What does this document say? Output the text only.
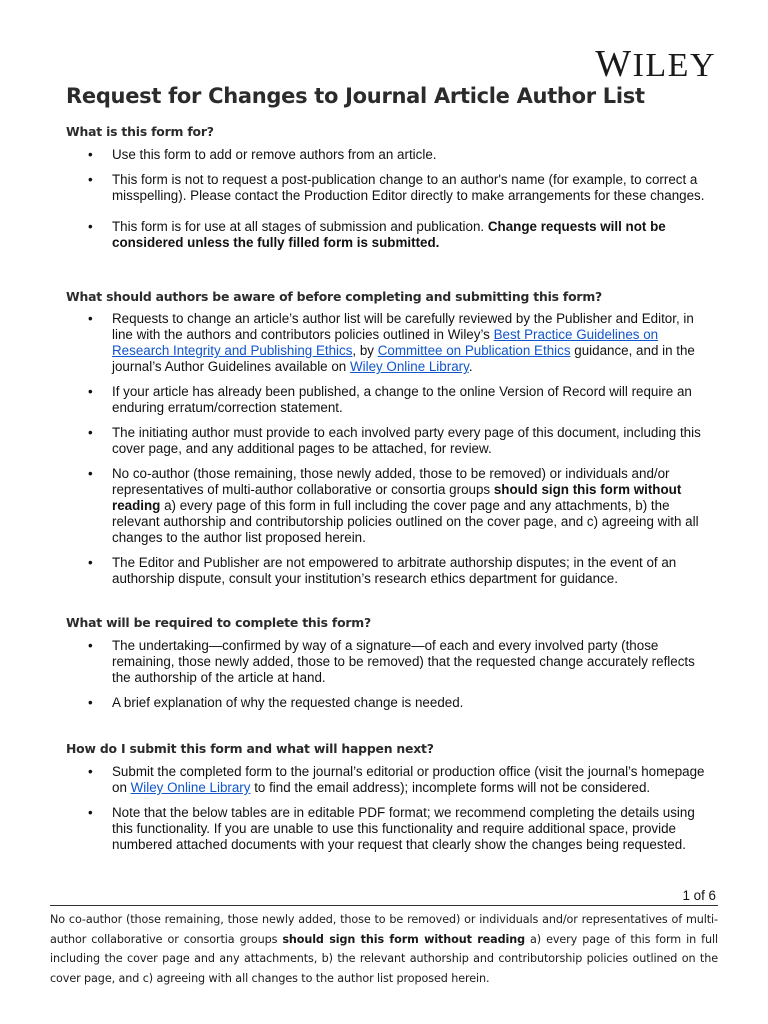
WILEY
Request for Changes to Journal Article Author List
What is this form for?
• Use this form to add or remove authors from an article.
• This form is not to request a post-publication change to an author's name (for example, to correct a misspelling). Please contact the Production Editor directly to make arrangements for these changes.
• This form is for use at all stages of submission and publication. Change requests will not be considered unless the fully filled form is submitted.
What should authors be aware of before completing and submitting this form?
• Requests to change an article’s author list will be carefully reviewed by the Publisher and Editor, in line with the authors and contributors policies outlined in Wiley’s Best Practice Guidelines on Research Integrity and Publishing Ethics, by Committee on Publication Ethics guidance, and in the journal’s Author Guidelines available on Wiley Online Library.
• If your article has already been published, a change to the online Version of Record will require an enduring erratum/correction statement.
• The initiating author must provide to each involved party every page of this document, including this cover page, and any additional pages to be attached, for review.
• No co-author (those remaining, those newly added, those to be removed) or individuals and/or representatives of multi-author collaborative or consortia groups should sign this form without reading a) every page of this form in full including the cover page and any attachments, b) the relevant authorship and contributorship policies outlined on the cover page, and c) agreeing with all changes to the author list proposed herein.
• The Editor and Publisher are not empowered to arbitrate authorship disputes; in the event of an authorship dispute, consult your institution’s research ethics department for guidance.
What will be required to complete this form?
• The undertaking—confirmed by way of a signature—of each and every involved party (those remaining, those newly added, those to be removed) that the requested change accurately reflects the authorship of the article at hand.
• A brief explanation of why the requested change is needed.
How do I submit this form and what will happen next?
• Submit the completed form to the journal’s editorial or production office (visit the journal’s homepage on Wiley Online Library to find the email address); incomplete forms will not be considered.
• Note that the below tables are in editable PDF format; we recommend completing the details using this functionality. If you are unable to use this functionality and require additional space, provide numbered attached documents with your request that clearly show the changes being requested.
1 of 6
No co-author (those remaining, those newly added, those to be removed) or individuals and/or representatives of multi-author collaborative or consortia groups should sign this form without reading a) every page of this form in full including the cover page and any attachments, b) the relevant authorship and contributorship policies outlined on the cover page, and c) agreeing with all changes to the author list proposed herein.
